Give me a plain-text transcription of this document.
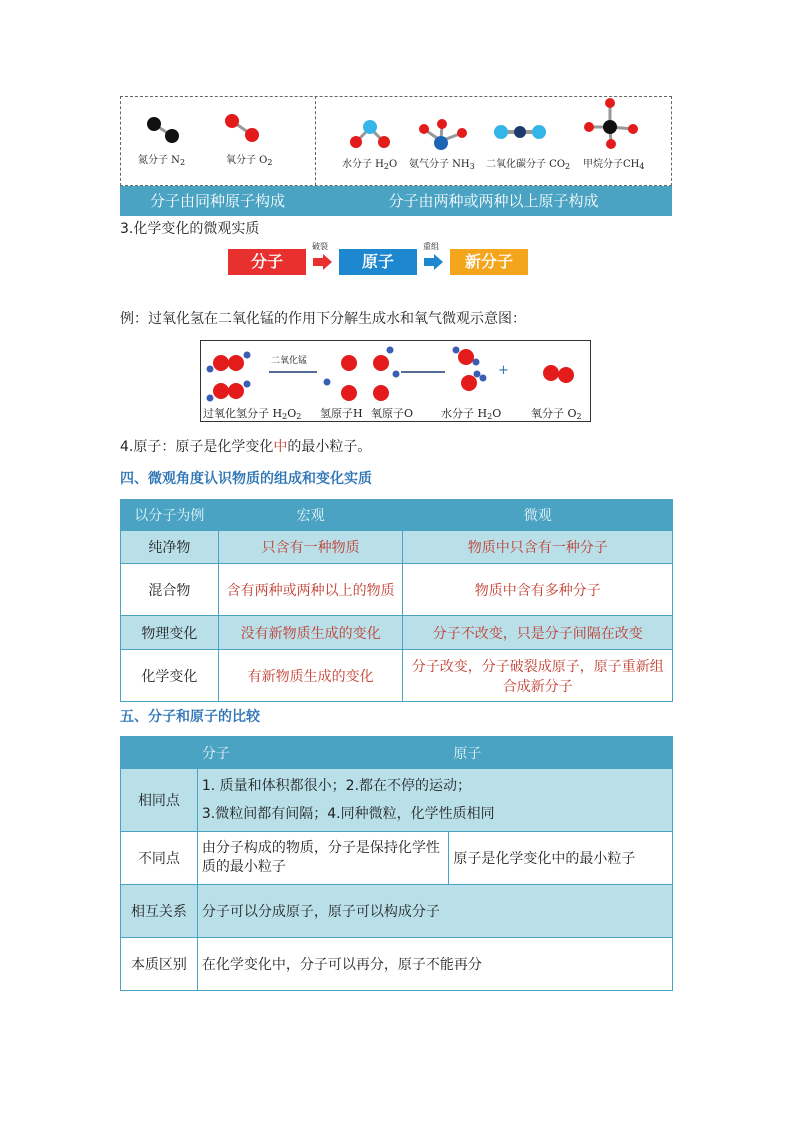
氮分子 $N_2$	氧分子 $O_2$	水分子 $H_2O$ 氨气分子 $NH_3$ 二氧化碳分子 $CO_2$ 甲烷分子$CH_4$
分子由同种原子构成	分子由两种或两种以上原子构成
3.化学变化的微观实质
分子
破裂
原子
重组
新分子
例：过氧化氢在二氧化锰的作用下分解生成水和氧气微观示意图：
二氧化锰
+
过氧化氢分子 $H_2O_2$ 氢原子H 氧原子O	水分子 $H_2O$	氧分子 $O_2$
4.原子：原子是化学变化中的最小粒子。
四、微观角度认识物质的组成和变化实质
以分子为例	宏观	微观
纯净物	只含有一种物质	物质中只含有一种分子
混合物	含有两种或两种以上的物质	物质中含有多种分子
物理变化	没有新物质生成的变化	分子不改变，只是分子间隔在改变
化学变化	有新物质生成的变化	分子改变，分子破裂成原子，原子重新组合成新分子
五、分子和原子的比较
	分子	原子
相同点	1. 质量和体积都很小；2.都在不停的运动；
3.微粒间都有间隔；4.同种微粒，化学性质相同	

不同点	由分子构成的物质，分子是保持化学性质的最小粒子	原子是化学变化中的最小粒子
相互关系	分子可以分成原子，原子可以构成分子	
本质区别	在化学变化中，分子可以再分，原子不能再分	
